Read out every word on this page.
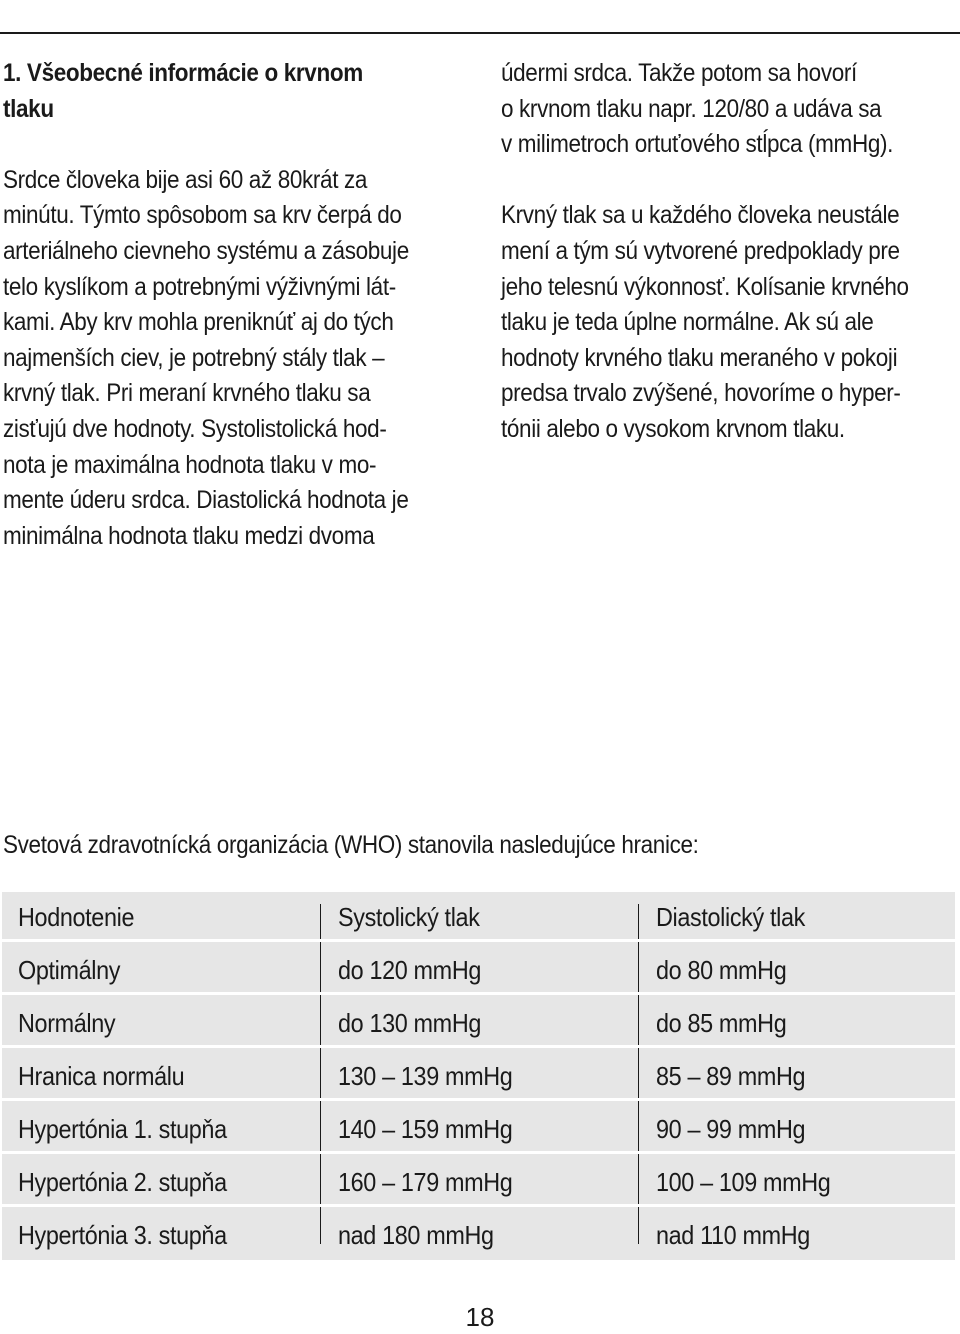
1. Všeobecné informácie o krvnom
tlaku

Srdce človeka bije asi 60 až 80krát za
minútu. Týmto spôsobom sa krv čerpá do
arteriálneho cievneho systému a zásobuje
telo kyslíkom a potrebnými výživnými lát-
kami. Aby krv mohla preniknúť aj do tých
najmenších ciev, je potrebný stály tlak –
krvný tlak. Pri meraní krvného tlaku sa
zisťujú dve hodnoty. Systolistolická hod-
nota je maximálna hodnota tlaku v mo-
mente úderu srdca. Diastolická hodnota je
minimálna hodnota tlaku medzi dvoma

údermi srdca. Takže potom sa hovorí
o krvnom tlaku napr. 120/80 a udáva sa
v milimetroch ortuťového stĺpca (mmHg).

Krvný tlak sa u každého človeka neustále
mení a tým sú vytvorené predpoklady pre
jeho telesnú výkonnosť. Kolísanie krvného
tlaku je teda úplne normálne. Ak sú ale
hodnoty krvného tlaku meraného v pokoji
predsa trvalo zvýšené, hovoríme o hyper-
tónii alebo o vysokom krvnom tlaku.

Svetová zdravotnícká organizácia (WHO) stanovila nasledujúce hranice:
Hodnotenie	Systolický tlak	Diastolický tlak
Optimálny	do 120 mmHg	do 80 mmHg
Normálny	do 130 mmHg	do 85 mmHg
Hranica normálu	130 – 139 mmHg	85 – 89 mmHg
Hypertónia 1. stupňa	140 – 159 mmHg	90 – 99 mmHg
Hypertónia 2. stupňa	160 – 179 mmHg	100 – 109 mmHg
Hypertónia 3. stupňa	nad 180 mmHg	nad 110 mmHg
18
